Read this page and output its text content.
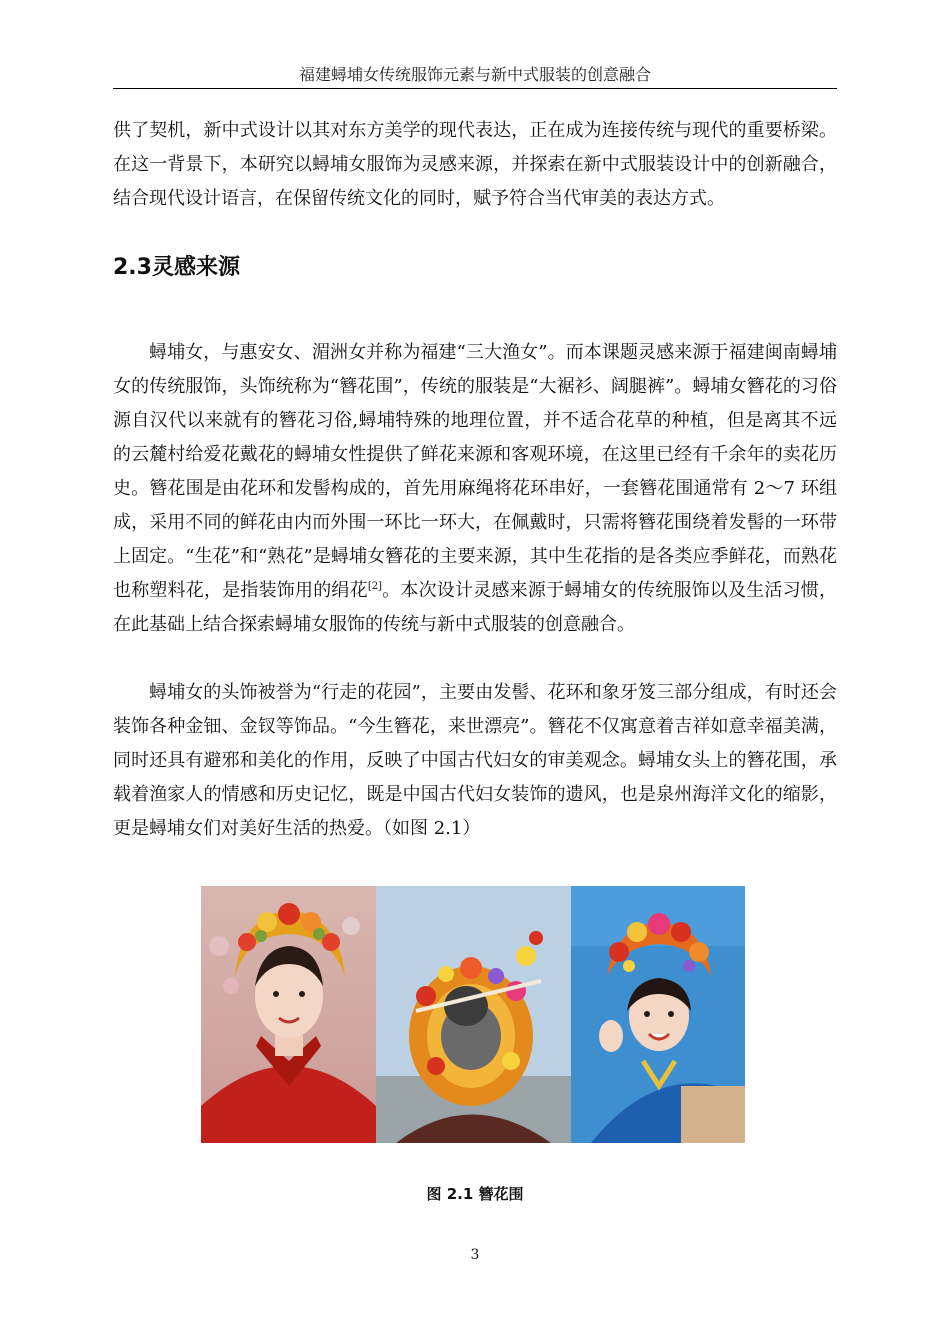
福建蟳埔女传统服饰元素与新中式服装的创意融合

供了契机，新中式设计以其对东方美学的现代表达，正在成为连接传统与现代的重要桥梁。在这一背景下，本研究以蟳埔女服饰为灵感来源，并探索在新中式服装设计中的创新融合，结合现代设计语言，在保留传统文化的同时，赋予符合当代审美的表达方式。

2.3灵感来源

蟳埔女，与惠安女、湄洲女并称为福建“三大渔女”。而本课题灵感来源于福建闽南蟳埔女的传统服饰，头饰统称为“簪花围”，传统的服装是“大裾衫、阔腿裤”。蟳埔女簪花的习俗源自汉代以来就有的簪花习俗,蟳埔特殊的地理位置，并不适合花草的种植，但是离其不远的云麓村给爱花戴花的蟳埔女性提供了鲜花来源和客观环境，在这里已经有千余年的卖花历史。簪花围是由花环和发髻构成的，首先用麻绳将花环串好，一套簪花围通常有 2～7 环组成，采用不同的鲜花由内而外围一环比一环大，在佩戴时，只需将簪花围绕着发髻的一环带上固定。“生花”和“熟花”是蟳埔女簪花的主要来源，其中生花指的是各类应季鲜花，而熟花也称塑料花，是指装饰用的绢花[2]。本次设计灵感来源于蟳埔女的传统服饰以及生活习惯，在此基础上结合探索蟳埔女服饰的传统与新中式服装的创意融合。

蟳埔女的头饰被誉为“行走的花园”，主要由发髻、花环和象牙笈三部分组成，有时还会装饰各种金钿、金钗等饰品。“今生簪花，来世漂亮”。簪花不仅寓意着吉祥如意幸福美满，同时还具有避邪和美化的作用，反映了中国古代妇女的审美观念。蟳埔女头上的簪花围，承载着渔家人的情感和历史记忆，既是中国古代妇女装饰的遗风，也是泉州海洋文化的缩影，更是蟳埔女们对美好生活的热爱。（如图 2.1）

图 2.1 簪花围
3
